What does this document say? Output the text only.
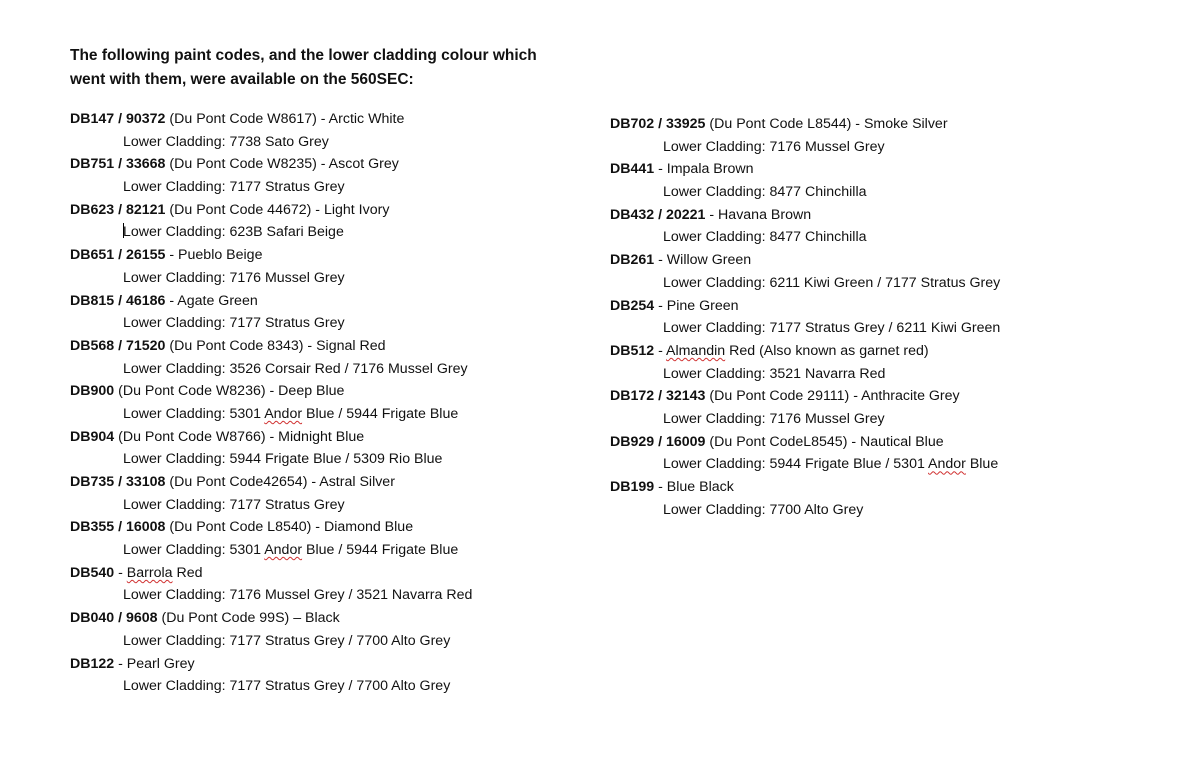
The following paint codes, and the lower cladding colour which
went with them, were available on the 560SEC:
DB147 / 90372 (Du Pont Code W8617) - Arctic White
Lower Cladding: 7738 Sato Grey
DB751 / 33668 (Du Pont Code W8235) - Ascot Grey
Lower Cladding: 7177 Stratus Grey
DB623 / 82121 (Du Pont Code 44672) - Light Ivory
Lower Cladding: 623B Safari Beige
DB651 / 26155 - Pueblo Beige
Lower Cladding: 7176 Mussel Grey
DB815 / 46186 - Agate Green
Lower Cladding: 7177 Stratus Grey
DB568 / 71520 (Du Pont Code 8343) - Signal Red
Lower Cladding: 3526 Corsair Red / 7176 Mussel Grey
DB900 (Du Pont Code W8236) - Deep Blue
Lower Cladding: 5301 Andor Blue / 5944 Frigate Blue
DB904 (Du Pont Code W8766) - Midnight Blue
Lower Cladding: 5944 Frigate Blue / 5309 Rio Blue
DB735 / 33108 (Du Pont Code42654) - Astral Silver
Lower Cladding: 7177 Stratus Grey
DB355 / 16008 (Du Pont Code L8540) - Diamond Blue
Lower Cladding: 5301 Andor Blue / 5944 Frigate Blue
DB540 - Barrola Red
Lower Cladding: 7176 Mussel Grey / 3521 Navarra Red
DB040 / 9608 (Du Pont Code 99S) – Black
Lower Cladding: 7177 Stratus Grey / 7700 Alto Grey
DB122 - Pearl Grey
Lower Cladding: 7177 Stratus Grey / 7700 Alto Grey
DB702 / 33925 (Du Pont Code L8544) - Smoke Silver
Lower Cladding: 7176 Mussel Grey
DB441 - Impala Brown
Lower Cladding: 8477 Chinchilla
DB432 / 20221 - Havana Brown
Lower Cladding: 8477 Chinchilla
DB261 - Willow Green
Lower Cladding: 6211 Kiwi Green / 7177 Stratus Grey
DB254 - Pine Green
Lower Cladding: 7177 Stratus Grey / 6211 Kiwi Green
DB512 - Almandin Red (Also known as garnet red)
Lower Cladding: 3521 Navarra Red
DB172 / 32143 (Du Pont Code 29111) - Anthracite Grey
Lower Cladding: 7176 Mussel Grey
DB929 / 16009 (Du Pont CodeL8545) - Nautical Blue
Lower Cladding: 5944 Frigate Blue / 5301 Andor Blue
DB199 - Blue Black
Lower Cladding: 7700 Alto Grey
